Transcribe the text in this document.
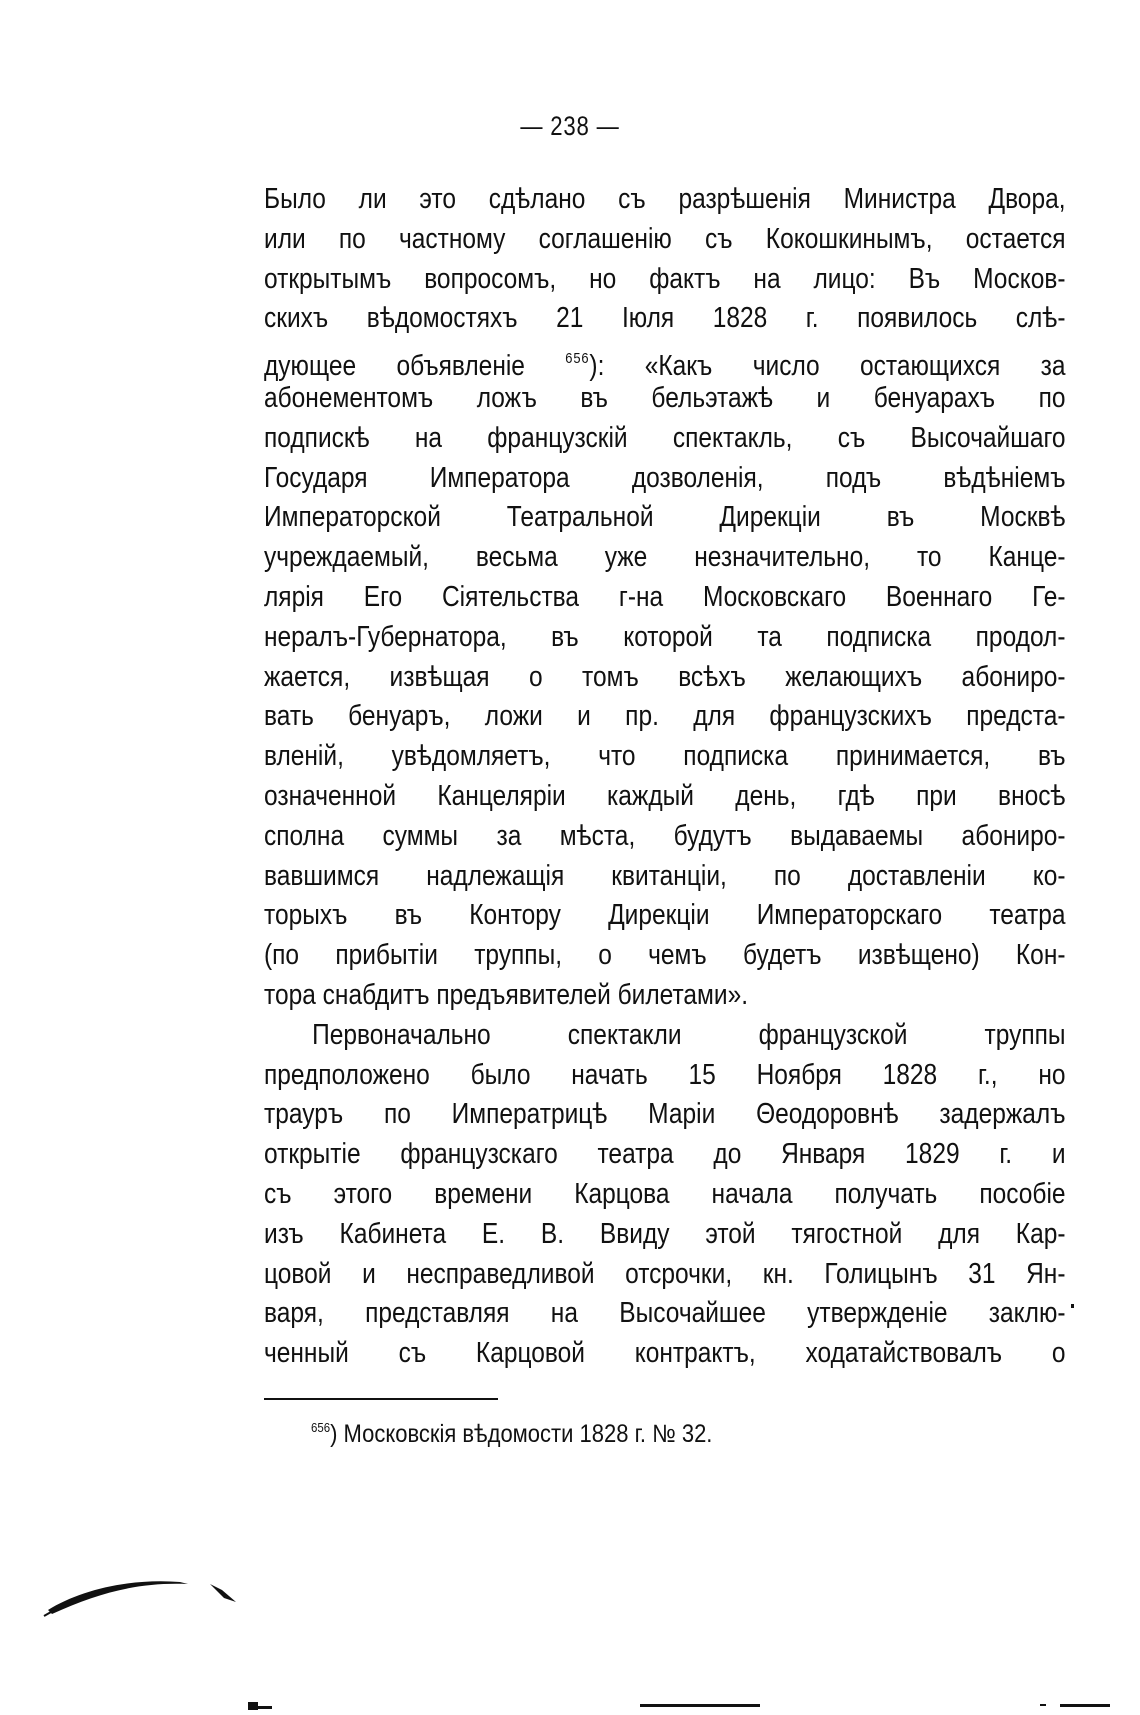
— 238 —
Было ли это сдѣлано съ разрѣшенія Министра Двора,
или по частному соглашенію съ Кокошкинымъ, остается
открытымъ вопросомъ, но фактъ на лицо: Въ Москов-
скихъ вѣдомостяхъ 21 Іюля 1828 г. появилось слѣ-
дующее объявленіе $^{656}$): «Какъ число остающихся за
абонементомъ ложъ въ бельэтажѣ и бенуарахъ по
подпискѣ на французскій спектакль, съ Высочайшаго
Государя Императора дозволенія, подъ вѣдѣніемъ
Императорской Театральной Дирекціи въ Москвѣ
учреждаемый, весьма уже незначительно, то Канце-
лярія Его Сіятельства г-на Московскаго Военнаго Ге-
нералъ-Губернатора, въ которой та подписка продол-
жается, извѣщая о томъ всѣхъ желающихъ абониро-
вать бенуаръ, ложи и пр. для французскихъ предста-
вленій, увѣдомляетъ, что подписка принимается, въ
означенной Канцеляріи каждый день, гдѣ при вносѣ
сполна суммы за мѣста, будутъ выдаваемы абониро-
вавшимся надлежащія квитанціи, по доставленіи ко-
торыхъ въ Контору Дирекціи Императорскаго театра
(по прибытіи труппы, о чемъ будетъ извѣщено) Кон-
тора снабдитъ предъявителей билетами».
Первоначально спектакли французской труппы
предположено было начать 15 Ноября 1828 г., но
трауръ по Императрицѣ Маріи Θеодоровнѣ задержалъ
открытіе французскаго театра до Января 1829 г. и
съ этого времени Карцова начала получать пособіе
изъ Кабинета Е. В. Ввиду этой тягостной для Кар-
цовой и несправедливой отсрочки, кн. Голицынъ 31 Ян-
варя, представляя на Высочайшее утвержденіе заклю-
ченный съ Карцовой контрактъ, ходатайствовалъ о
$^{656}$) Московскія вѣдомости 1828 г. № 32.
